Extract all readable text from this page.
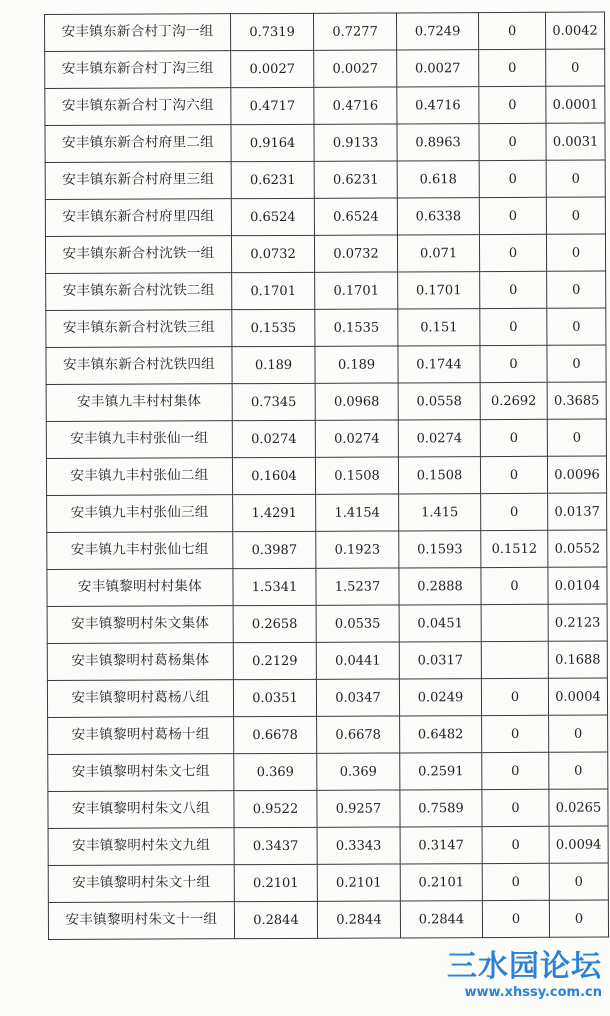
安丰镇东新合村丁沟一组	0.7319	0.7277	0.7249	0	0.0042
安丰镇东新合村丁沟三组	0.0027	0.0027	0.0027	0	0
安丰镇东新合村丁沟六组	0.4717	0.4716	0.4716	0	0.0001
安丰镇东新合村府里二组	0.9164	0.9133	0.8963	0	0.0031
安丰镇东新合村府里三组	0.6231	0.6231	0.618	0	0
安丰镇东新合村府里四组	0.6524	0.6524	0.6338	0	0
安丰镇东新合村沈铁一组	0.0732	0.0732	0.071	0	0
安丰镇东新合村沈铁二组	0.1701	0.1701	0.1701	0	0
安丰镇东新合村沈铁三组	0.1535	0.1535	0.151	0	0
安丰镇东新合村沈铁四组	0.189	0.189	0.1744	0	0
安丰镇九丰村村集体	0.7345	0.0968	0.0558	0.2692	0.3685
安丰镇九丰村张仙一组	0.0274	0.0274	0.0274	0	0
安丰镇九丰村张仙二组	0.1604	0.1508	0.1508	0	0.0096
安丰镇九丰村张仙三组	1.4291	1.4154	1.415	0	0.0137
安丰镇九丰村张仙七组	0.3987	0.1923	0.1593	0.1512	0.0552
安丰镇黎明村村集体	1.5341	1.5237	0.2888	0	0.0104
安丰镇黎明村朱文集体	0.2658	0.0535	0.0451		0.2123
安丰镇黎明村葛杨集体	0.2129	0.0441	0.0317		0.1688
安丰镇黎明村葛杨八组	0.0351	0.0347	0.0249	0	0.0004
安丰镇黎明村葛杨十组	0.6678	0.6678	0.6482	0	0
安丰镇黎明村朱文七组	0.369	0.369	0.2591	0	0
安丰镇黎明村朱文八组	0.9522	0.9257	0.7589	0	0.0265
安丰镇黎明村朱文九组	0.3437	0.3343	0.3147	0	0.0094
安丰镇黎明村朱文十组	0.2101	0.2101	0.2101	0	0
安丰镇黎明村朱文十一组	0.2844	0.2844	0.2844	0	0
三水园论坛
www.xhssy.com.cn
